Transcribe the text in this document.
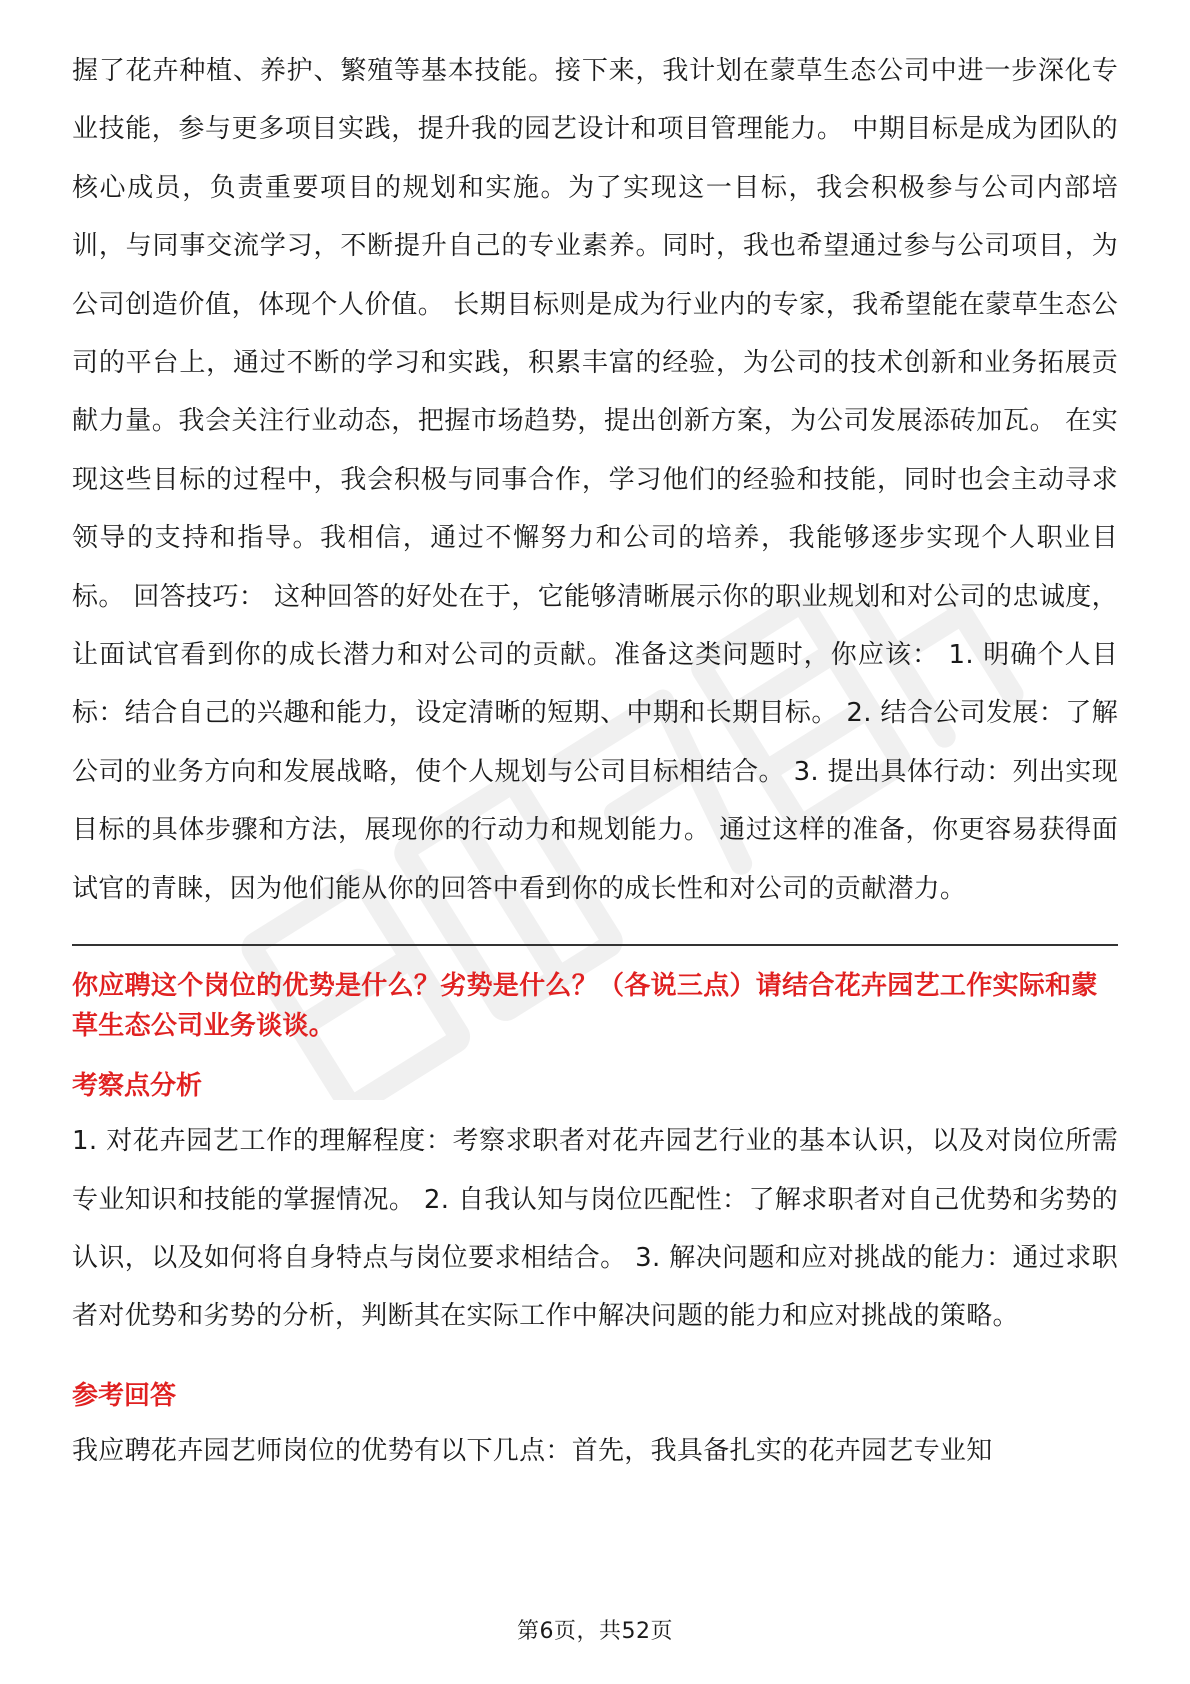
握了花卉种植、养护、繁殖等基本技能。接下来，我计划在蒙草生态公司中进一步深化专业技能，参与更多项目实践，提升我的园艺设计和项目管理能力。 中期目标是成为团队的核心成员，负责重要项目的规划和实施。为了实现这一目标，我会积极参与公司内部培训，与同事交流学习，不断提升自己的专业素养。同时，我也希望通过参与公司项目，为公司创造价值，体现个人价值。 长期目标则是成为行业内的专家，我希望能在蒙草生态公司的平台上，通过不断的学习和实践，积累丰富的经验，为公司的技术创新和业务拓展贡献力量。我会关注行业动态，把握市场趋势，提出创新方案，为公司发展添砖加瓦。 在实现这些目标的过程中，我会积极与同事合作，学习他们的经验和技能，同时也会主动寻求领导的支持和指导。我相信，通过不懈努力和公司的培养，我能够逐步实现个人职业目标。 回答技巧： 这种回答的好处在于，它能够清晰展示你的职业规划和对公司的忠诚度，让面试官看到你的成长潜力和对公司的贡献。准备这类问题时，你应该： 1. 明确个人目标：结合自己的兴趣和能力，设定清晰的短期、中期和长期目标。 2. 结合公司发展：了解公司的业务方向和发展战略，使个人规划与公司目标相结合。 3. 提出具体行动：列出实现目标的具体步骤和方法，展现你的行动力和规划能力。 通过这样的准备，你更容易获得面试官的青睐，因为他们能从你的回答中看到你的成长性和对公司的贡献潜力。

你应聘这个岗位的优势是什么？劣势是什么？（各说三点）请结合花卉园艺工作实际和蒙草生态公司业务谈谈。

考察点分析

1. 对花卉园艺工作的理解程度：考察求职者对花卉园艺行业的基本认识，以及对岗位所需专业知识和技能的掌握情况。 2. 自我认知与岗位匹配性：了解求职者对自己优势和劣势的认识，以及如何将自身特点与岗位要求相结合。 3. 解决问题和应对挑战的能力：通过求职者对优势和劣势的分析，判断其在实际工作中解决问题的能力和应对挑战的策略。

参考回答

我应聘花卉园艺师岗位的优势有以下几点：首先，我具备扎实的花卉园艺专业知

第6页，共52页
